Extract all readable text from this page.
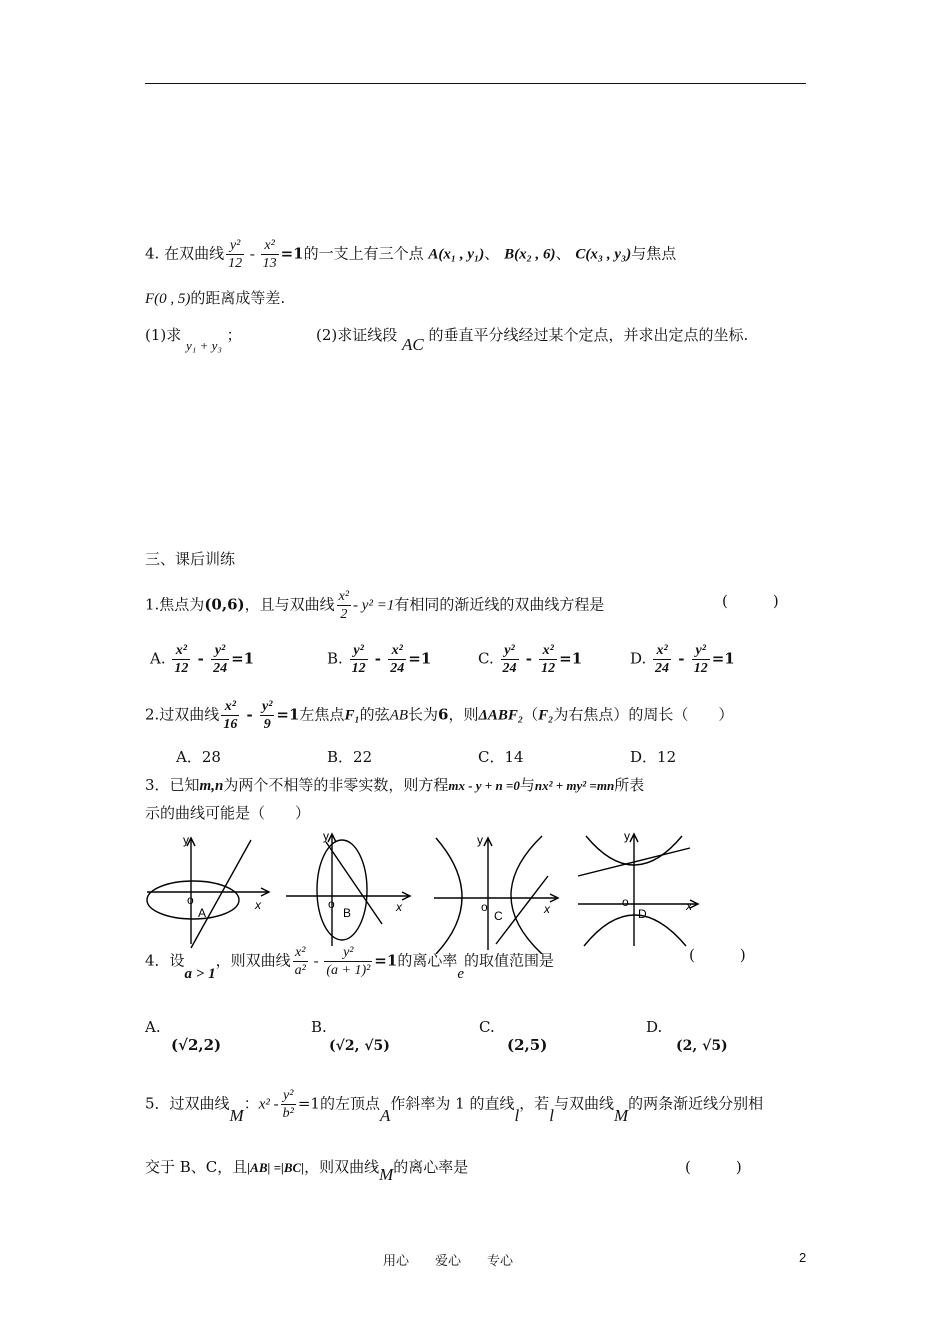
4. 在双曲线 $\frac{\text{y²}}{12} - \frac{\text{x²}}{13} =1$的一支上有三个点 A(x₁ , y₁)、 B(x₂ , 6)、 C(x₃ , y₃)与焦点
F(0 , 5)的距离成等差.
(1)求 y₁ + y₃ ；	(2)求证线段 AC 的垂直平分线经过某个定点，并求出定点的坐标.
三、课后训练
1.焦点为(0,6)，且与双曲线 $\frac{\text{x²}}{2} - y^2 =1$有相同的渐近线的双曲线方程是	(　　　)
A. $\frac{\text{x²}}{12} - \frac{\text{y²}}{24} =1$	B. $\frac{\text{y²}}{12} - \frac{\text{x²}}{24} =1$	C. $\frac{\text{y²}}{24} - \frac{\text{x²}}{12} =1$	D. $\frac{\text{x²}}{24} - \frac{\text{y²}}{12} =1$
2.过双曲线 $\frac{\text{x²}}{16} - \frac{\text{y²}}{9} =1$左焦点F₁的弦AB长为6，则ΔABF₂（F₂为右焦点）的周长（　　）
A．28	B．22	C．14	D．12
3．已知m,n为两个不相等的非零实数，则方程mx - y + n =0与nx² + my² =mn所表
示的曲线可能是（　　）
y
x
o
A
y
x
o
B
y
x
o
C
y
x
o
D
4．设a > 1，则双曲线 $\frac{\text{x²}}{\text{a²}} - \frac{\text{y²}}{\text{(a + 1)²}} =1$的离心率e的取值范围是	(　　　)
A.
(√2,2)
B.
(√2, √5)
C.
(2,5)
D.
(2, √5)
5．过双曲线M：$x^2 - \frac{\text{y²}}{\text{b²}} =1$的左顶点A作斜率为 1 的直线l，若l与双曲线M的两条渐近线分别相
交于 B、C，且|AB| =|BC|，则双曲线M的离心率是	(　　　)
用心　　爱心　　专心	2
